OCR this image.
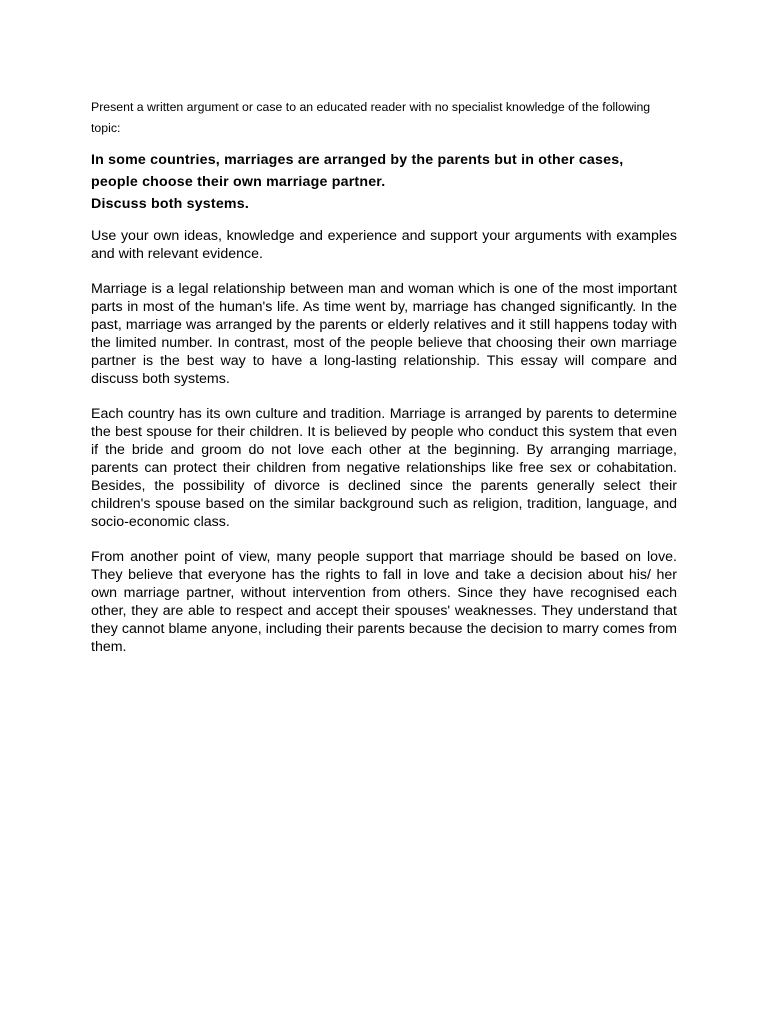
Present a written argument or case to an educated reader with no specialist knowledge of the following topic:

In some countries, marriages are arranged by the parents but in other cases,
people choose their own marriage partner.
Discuss both systems.

Use your own ideas, knowledge and experience and support your arguments with examples and with relevant evidence.

Marriage is a legal relationship between man and woman which is one of the most important parts in most of the human's life. As time went by, marriage has changed significantly. In the past, marriage was arranged by the parents or elderly relatives and it still happens today with the limited number. In contrast, most of the people believe that choosing their own marriage partner is the best way to have a long-lasting relationship. This essay will compare and discuss both systems.

Each country has its own culture and tradition. Marriage is arranged by parents to determine the best spouse for their children. It is believed by people who conduct this system that even if the bride and groom do not love each other at the beginning. By arranging marriage, parents can protect their children from negative relationships like free sex or cohabitation. Besides, the possibility of divorce is declined since the parents generally select their children's spouse based on the similar background such as religion, tradition, language, and socio-economic class.

From another point of view, many people support that marriage should be based on love. They believe that everyone has the rights to fall in love and take a decision about his/ her own marriage partner, without intervention from others. Since they have recognised each other, they are able to respect and accept their spouses' weaknesses. They understand that they cannot blame anyone, including their parents because the decision to marry comes from them.
